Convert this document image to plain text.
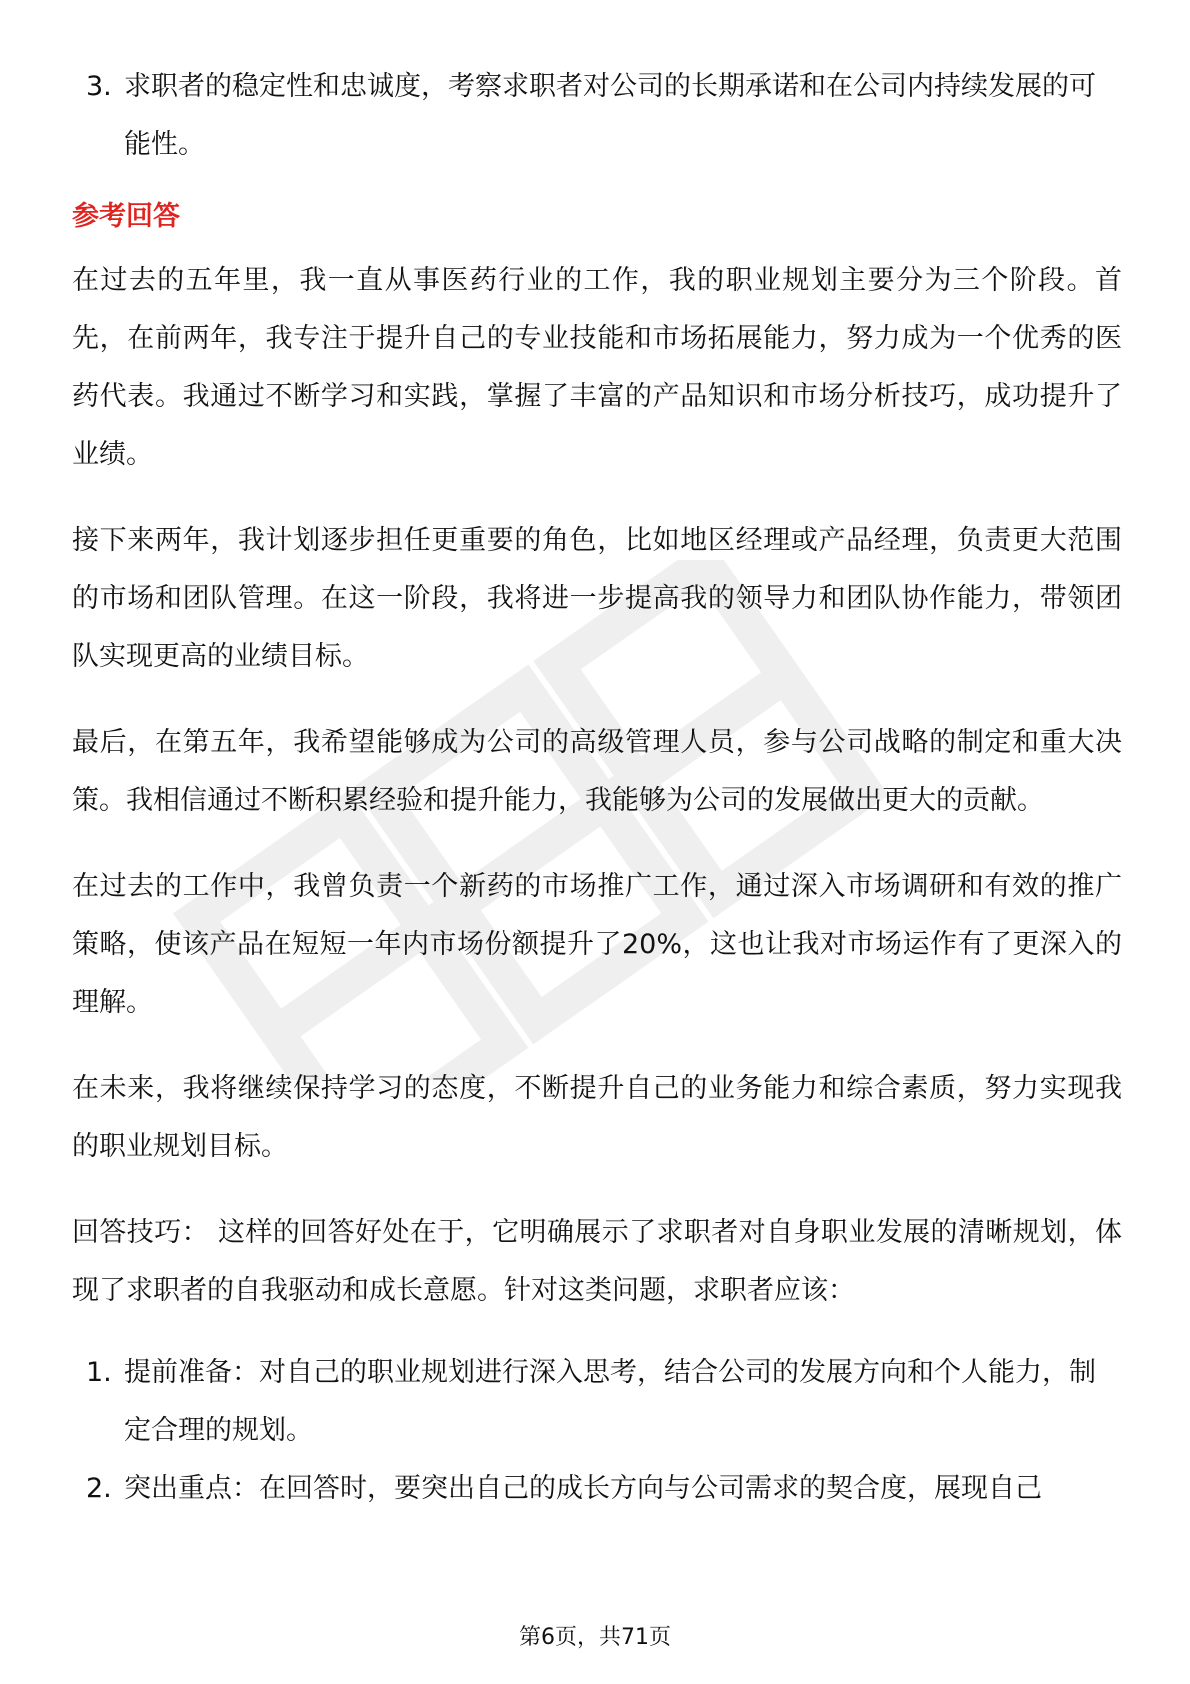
3. 求职者的稳定性和忠诚度，考察求职者对公司的长期承诺和在公司内持续发展的可能性。
参考回答

在过去的五年里，我一直从事医药行业的工作，我的职业规划主要分为三个阶段。首先，在前两年，我专注于提升自己的专业技能和市场拓展能力，努力成为一个优秀的医药代表。我通过不断学习和实践，掌握了丰富的产品知识和市场分析技巧，成功提升了业绩。

接下来两年，我计划逐步担任更重要的角色，比如地区经理或产品经理，负责更大范围的市场和团队管理。在这一阶段，我将进一步提高我的领导力和团队协作能力，带领团队实现更高的业绩目标。

最后，在第五年，我希望能够成为公司的高级管理人员，参与公司战略的制定和重大决策。我相信通过不断积累经验和提升能力，我能够为公司的发展做出更大的贡献。

在过去的工作中，我曾负责一个新药的市场推广工作，通过深入市场调研和有效的推广策略，使该产品在短短一年内市场份额提升了20%，这也让我对市场运作有了更深入的理解。

在未来，我将继续保持学习的态度，不断提升自己的业务能力和综合素质，努力实现我的职业规划目标。

回答技巧： 这样的回答好处在于，它明确展示了求职者对自身职业发展的清晰规划，体现了求职者的自我驱动和成长意愿。针对这类问题，求职者应该：

1. 提前准备：对自己的职业规划进行深入思考，结合公司的发展方向和个人能力，制定合理的规划。
2. 突出重点：在回答时，要突出自己的成长方向与公司需求的契合度，展现自己
第6页，共71页
